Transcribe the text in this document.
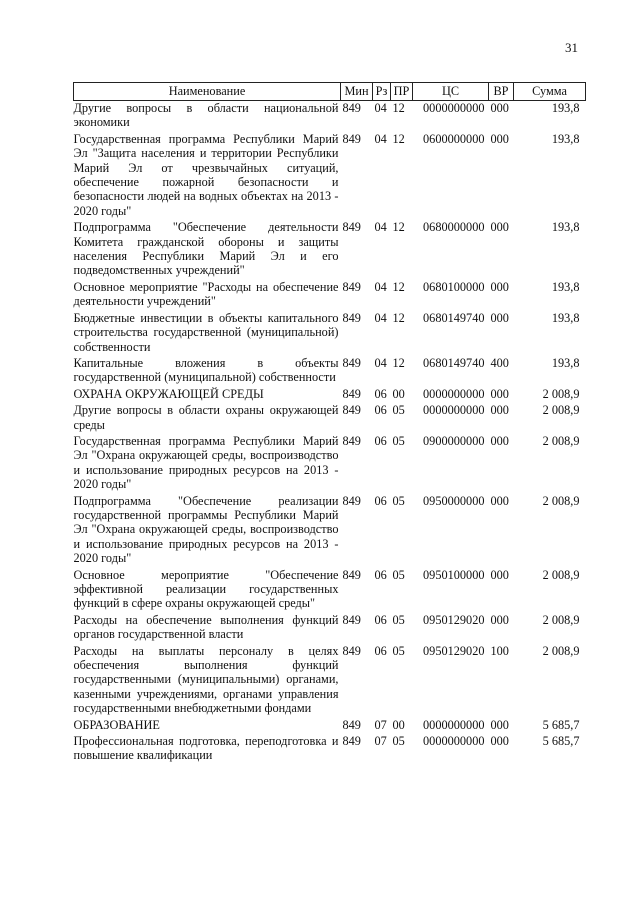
31
Наименование	Мин	Рз	ПР	ЦС	ВР	Сумма
Другие вопросы в области национальной экономики	849	04	12	0000000000	000	193,8
Государственная программа Республики Марий Эл "Защита населения и территории Республики Марий Эл от чрезвычайных ситуаций, обеспечение пожарной безопасности и безопасности людей на водных объектах на 2013 - 2020 годы"	849	04	12	0600000000	000	193,8
Подпрограмма "Обеспечение деятельности Комитета гражданской обороны и защиты населения Республики Марий Эл и его подведомственных учреждений"	849	04	12	0680000000	000	193,8
Основное мероприятие "Расходы на обеспечение деятельности учреждений"	849	04	12	0680100000	000	193,8
Бюджетные инвестиции в объекты капитального строительства государственной (муниципальной) собственности	849	04	12	0680149740	000	193,8
Капитальные вложения в объекты государственной (муниципальной) собственности	849	04	12	0680149740	400	193,8
ОХРАНА ОКРУЖАЮЩЕЙ СРЕДЫ	849	06	00	0000000000	000	2 008,9
Другие вопросы в области охраны окружающей среды	849	06	05	0000000000	000	2 008,9
Государственная программа Республики Марий Эл "Охрана окружающей среды, воспроизводство и использование природных ресурсов на 2013 - 2020 годы"	849	06	05	0900000000	000	2 008,9
Подпрограмма "Обеспечение реализации государственной программы Республики Марий Эл "Охрана окружающей среды, воспроизводство и использование природных ресурсов на 2013 - 2020 годы"	849	06	05	0950000000	000	2 008,9
Основное мероприятие "Обеспечение эффективной реализации государственных функций в сфере охраны окружающей среды"	849	06	05	0950100000	000	2 008,9
Расходы на обеспечение выполнения функций органов государственной власти	849	06	05	0950129020	000	2 008,9
Расходы на выплаты персоналу в целях обеспечения выполнения функций государственными (муниципальными) органами, казенными учреждениями, органами управления государственными внебюджетными фондами	849	06	05	0950129020	100	2 008,9
ОБРАЗОВАНИЕ	849	07	00	0000000000	000	5 685,7
Профессиональная подготовка, переподготовка и повышение квалификации	849	07	05	0000000000	000	5 685,7
